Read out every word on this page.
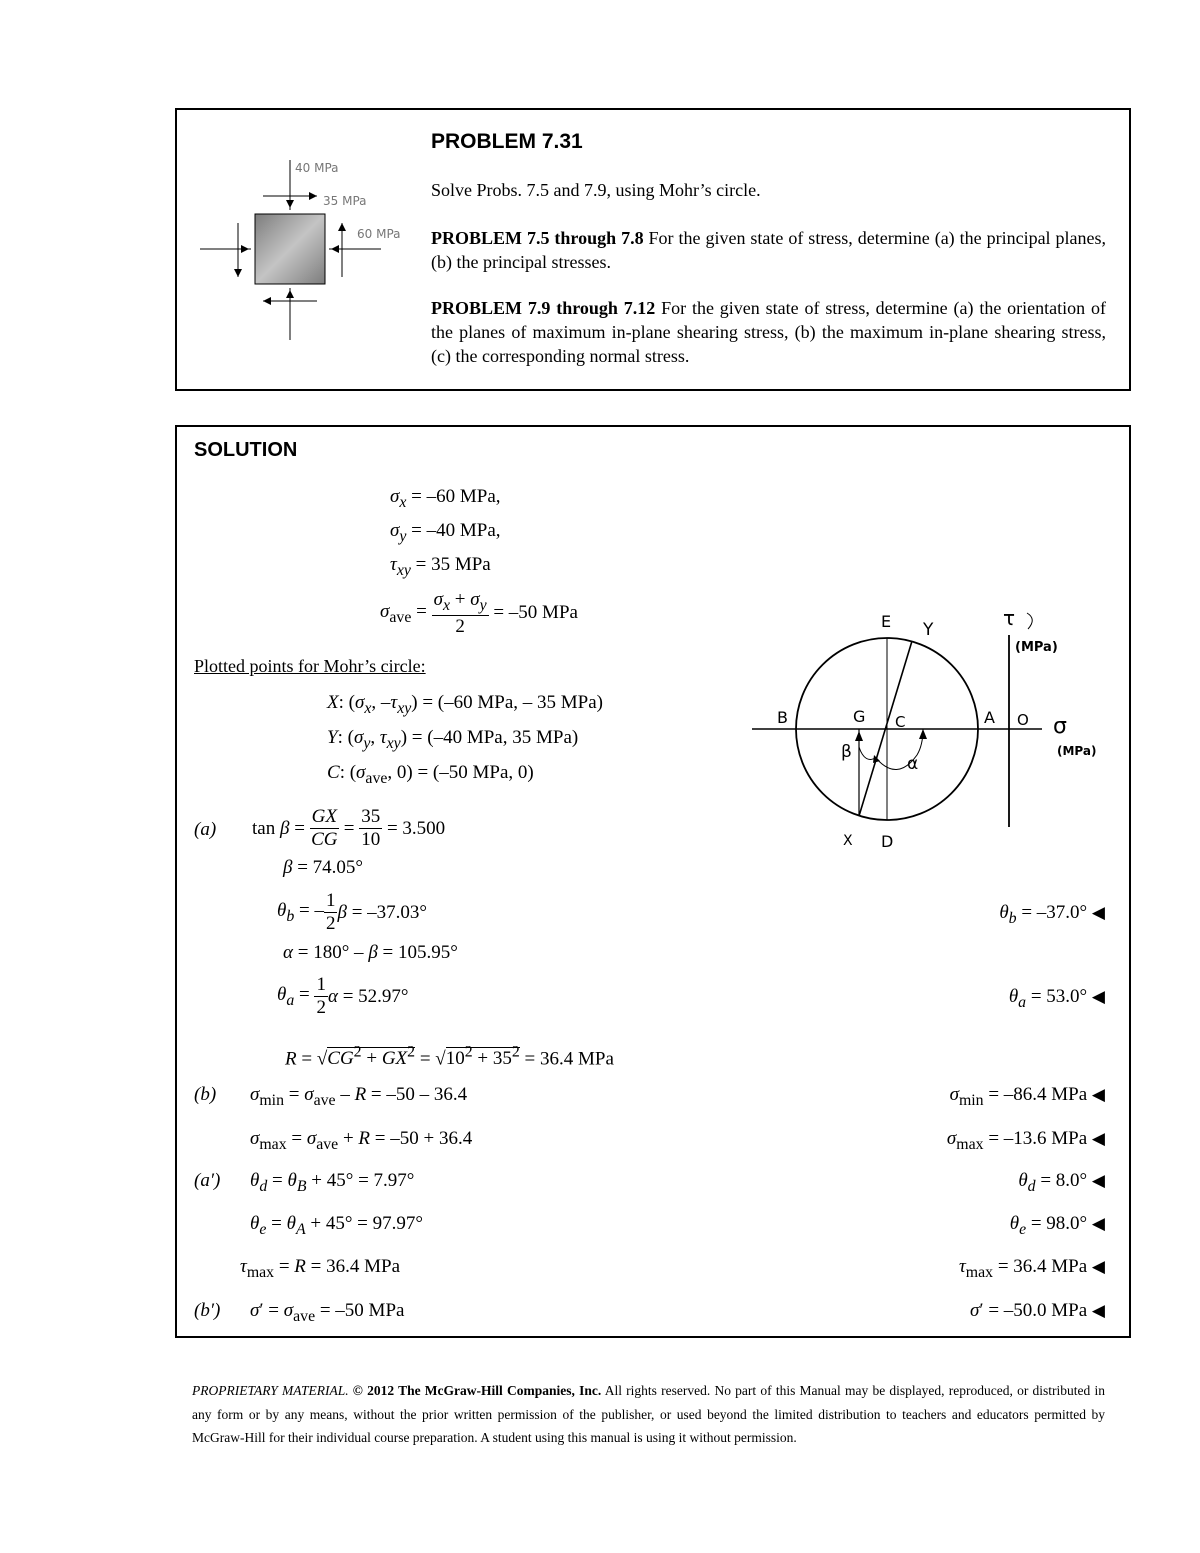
40 MPa
35 MPa
60 MPa
PROBLEM 7.31
Solve Probs. 7.5 and 7.9, using Mohr’s circle.
PROBLEM 7.5 through 7.8 For the given state of stress, determine (a) the principal planes, (b) the principal stresses.
PROBLEM 7.9 through 7.12 For the given state of stress, determine (a) the orientation of the planes of maximum in-plane shearing stress, (b) the maximum in-plane shearing stress, (c) the corresponding normal stress.
SOLUTION
$\sigma_x = -60$ MPa,
$\sigma_y = -40$ MPa,
$\tau_{xy} = 35$ MPa
$\sigma_{ave} = \frac{\sigma_x + \sigma_y}{2} = -50$ MPa
Plotted points for Mohr’s circle:
X: ($\sigma_x$, $-\tau_{xy}) = (-60$ MPa, – 35 MPa)
Y: ($\sigma_y$, $\tau_{xy}) = (-40$ MPa, 35 MPa)
C: ($\sigma_{ave}$, 0) = (–50 MPa, 0)
E Y
B	G C	A O
X D
β
α
τ
(MPa)
σ
(MPa)
(a) $\tan \beta = \frac{GX}{CG} = \frac{35}{10} = 3.500$
β = 74.05°
$\theta_b$ = – 1
2
β = –37.03°	$\theta_b = -37.0^\circ$ ◀
α = 180° – β = 105.95°
$\theta_a = \frac{1}{2}$ α = 52.97°	$\theta_a = 53.0^\circ$ ◀
$R = √CG^2 + GX^2 = √10^2 + 35^2 = 36.4$ MPa
(b) $\sigma_{min} = \sigma_{ave} - R = -50 - 36.4$	$\sigma_{min} = -86.4$ MPa ◀
$\sigma_{max} = \sigma_{ave} + R = -50 + 36.4$	$\sigma_{max} = -13.6$ MPa ◀
(a′) $\theta_d = \theta_B + 45^\circ = 7.97^\circ$	$\theta_d = 8.0^\circ$ ◀
$\theta_e = \theta_A + 45^\circ = 97.97^\circ$	$\theta_e = 98.0^\circ$ ◀
$\tau_{max} = R = 36.4$ MPa	$\tau_{max} = 36.4$ MPa ◀
(b′) $\sigma' = \sigma_{ave} = -50$ MPa	σ′ = –50.0 MPa ◀
PROPRIETARY MATERIAL. © 2012 The McGraw-Hill Companies, Inc. All rights reserved. No part of this Manual may be displayed, reproduced, or distributed in any form or by any means, without the prior written permission of the publisher, or used beyond the limited distribution to teachers and educators permitted by McGraw-Hill for their individual course preparation. A student using this manual is using it without permission.
